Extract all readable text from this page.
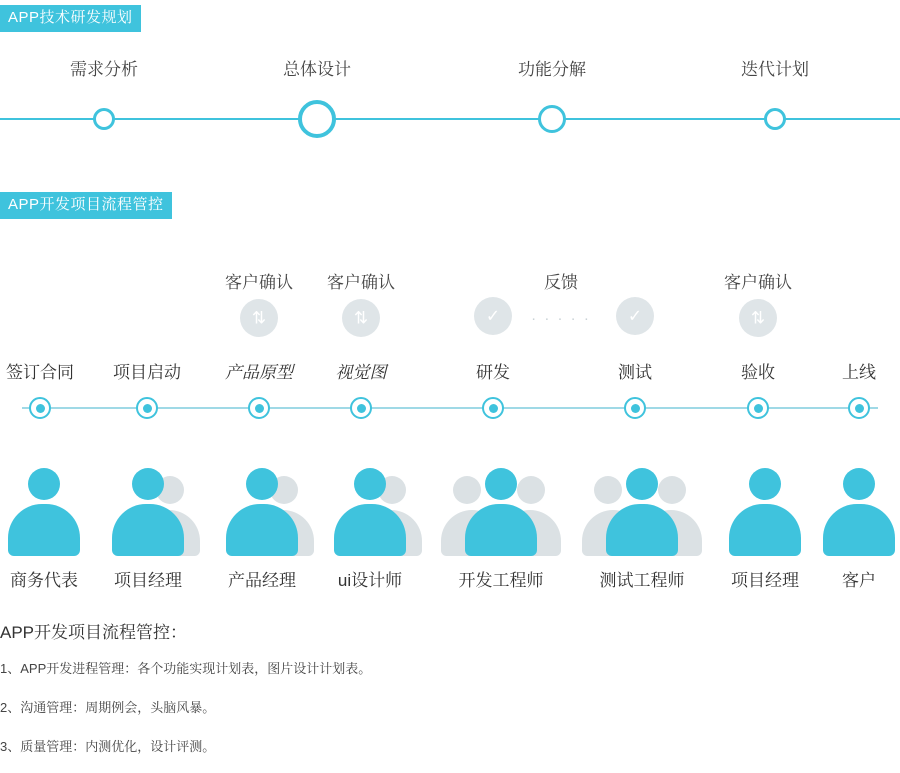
APP技术研发规划
APP开发项目流程管控
需求分析	总体设计	功能分解	迭代计划
客户确认
⇅
客户确认
⇅	✓
反馈
· · · · ·	✓
客户确认
⇅
签订合同 项目启动	产品原型	视觉图	研发	测试	验收	上线
商务代表 项目经理	产品经理 ui设计师	开发工程师	测试工程师	项目经理	客户

APP开发项目流程管控：

1、APP开发进程管理：各个功能实现计划表，图片设计计划表。

2、沟通管理：周期例会，头脑风暴。

3、质量管理：内测优化，设计评测。
